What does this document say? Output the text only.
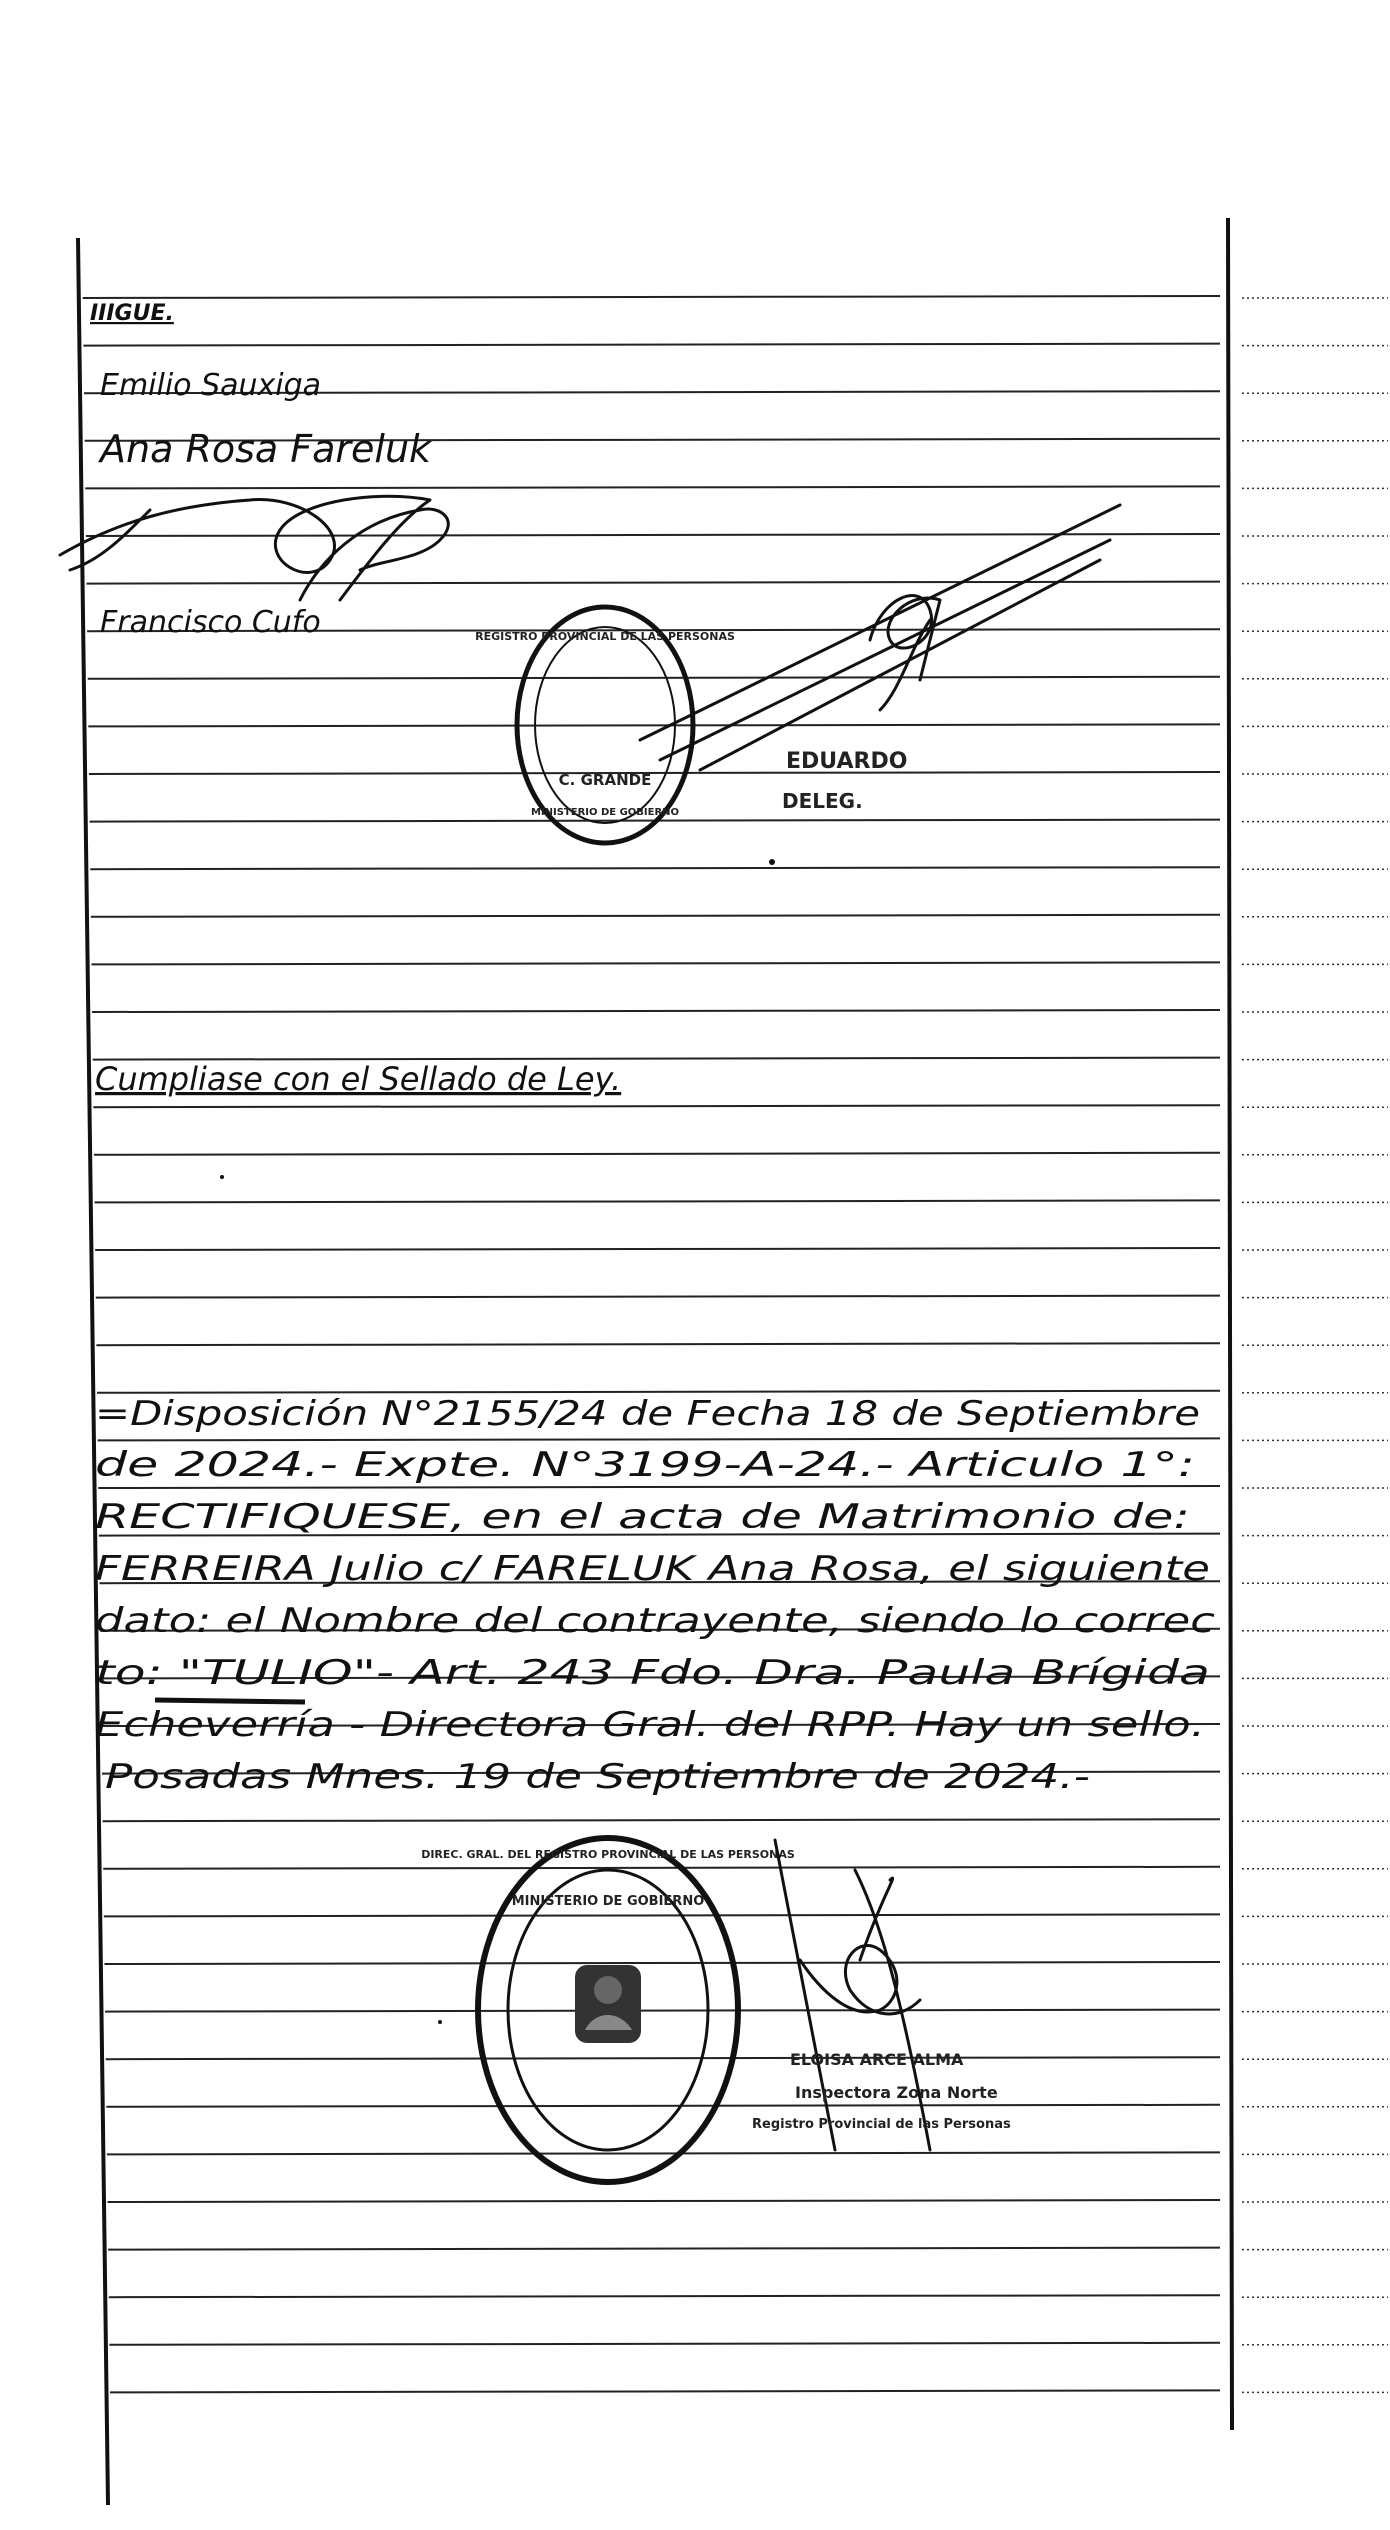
IIIGUE.
Emilio Sauxiga
Ana Rosa Fareluk
Francisco Cufo
C. GRANDE
REGISTRO PROVINCIAL DE LAS PERSONAS
MINISTERIO DE GOBIERNO
EDUARDO
DELEG.
Cumpliase con el Sellado de Ley.
=Disposición N°2155/24 de Fecha 18 de Septiembre
de 2024.- Expte. N°3199-A-24.- Articulo 1°:
RECTIFIQUESE, en el acta de Matrimonio de:
FERREIRA Julio c/ FARELUK Ana Rosa, el siguiente
dato: el Nombre del contrayente, siendo lo correc
to: "TULIO"- Art. 243 Fdo. Dra. Paula Brígida
Echeverría - Directora Gral. del RPP. Hay un sello.
Posadas Mnes. 19 de Septiembre de 2024.-
DIREC. GRAL. DEL REGISTRO PROVINCIAL DE LAS PERSONAS
MINISTERIO DE GOBIERNO
ELOISA ARCE ALMA
Inspectora Zona Norte
Registro Provincial de las Personas
